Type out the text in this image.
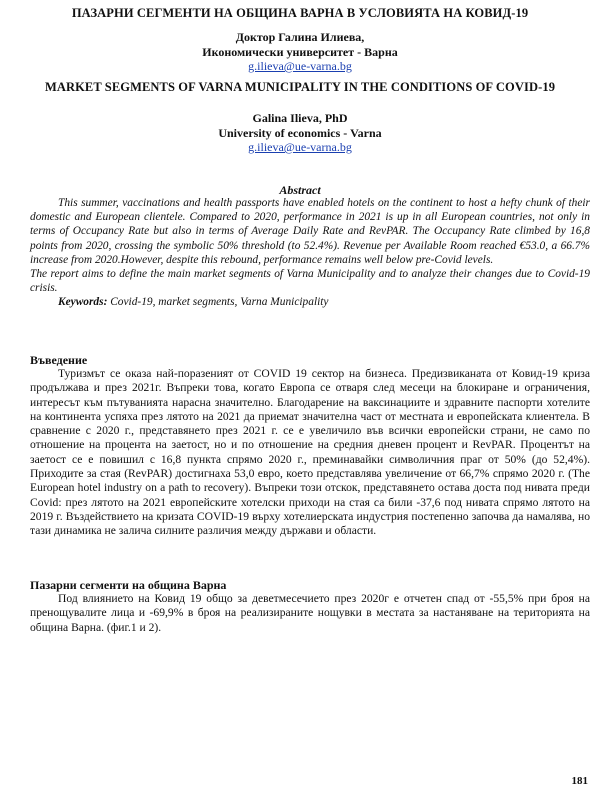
ПАЗАРНИ СЕГМЕНТИ НА ОБЩИНА ВАРНА В УСЛОВИЯТА НА КОВИД-19
Доктор Галина Илиева,
Икономически университет - Варна
g.ilieva@ue-varna.bg
MARKET SEGMENTS OF VARNA MUNICIPALITY IN THE CONDITIONS OF COVID-19
Galina Ilieva, PhD
University of economics - Varna
g.ilieva@ue-varna.bg
Abstract

This summer, vaccinations and health passports have enabled hotels on the continent to host a hefty chunk of their domestic and European clientele. Compared to 2020, performance in 2021 is up in all European countries, not only in terms of Occupancy Rate but also in terms of Average Daily Rate and RevPAR. The Occupancy Rate climbed by 16,8 points from 2020, crossing the symbolic 50% threshold (to 52.4%). Revenue per Available Room reached €53.0, a 66.7% increase from 2020.However, despite this rebound, performance remains well below pre-Covid levels.

The report aims to define the main market segments of Varna Municipality and to analyze their changes due to Covid-19 crisis.

Keywords: Covid-19, market segments, Varna Municipality

Въведение

Туризмът се оказа най-поразеният от COVID 19 сектор на бизнеса. Предизвиканата от Ковид-19 криза продължава и през 2021г. Въпреки това, когато Европа се отваря след месеци на блокиране и ограничения, интересът към пътуванията нарасна значително. Благодарение на ваксинациите и здравните паспорти хотелите на континента успяха през лятото на 2021 да приемат значителна част от местната и европейската клиентела. В сравнение с 2020 г., представянето през 2021 г. се е увеличило във всички европейски страни, не само по отношение на процента на заетост, но и по отношение на средния дневен процент и RevPAR. Процентът на заетост се е повишил с 16,8 пункта спрямо 2020 г., преминавайки символичния праг от 50% (до 52,4%). Приходите за стая (RevPAR) достигнаха 53,0 евро, което представлява увеличение от 66,7% спрямо 2020 г. (The European hotel industry on a path to recovery). Въпреки този отскок, представянето остава доста под нивата преди Covid: през лятото на 2021 европейските хотелски приходи на стая са били -37,6 под нивата спрямо лятото на 2019 г. Въздействието на кризата COVID-19 върху хотелиерската индустрия постепенно започва да намалява, но тази динамика не залича силните различия между държави и области.

Пазарни сегменти на община Варна

Под влиянието на Ковид 19 общо за деветмесечието през 2020г е отчетен спад от -55,5% при броя на пренощувалите лица и -69,9% в броя на реализираните нощувки в местата за настаняване на територията на община Варна. (фиг.1 и 2).

181
